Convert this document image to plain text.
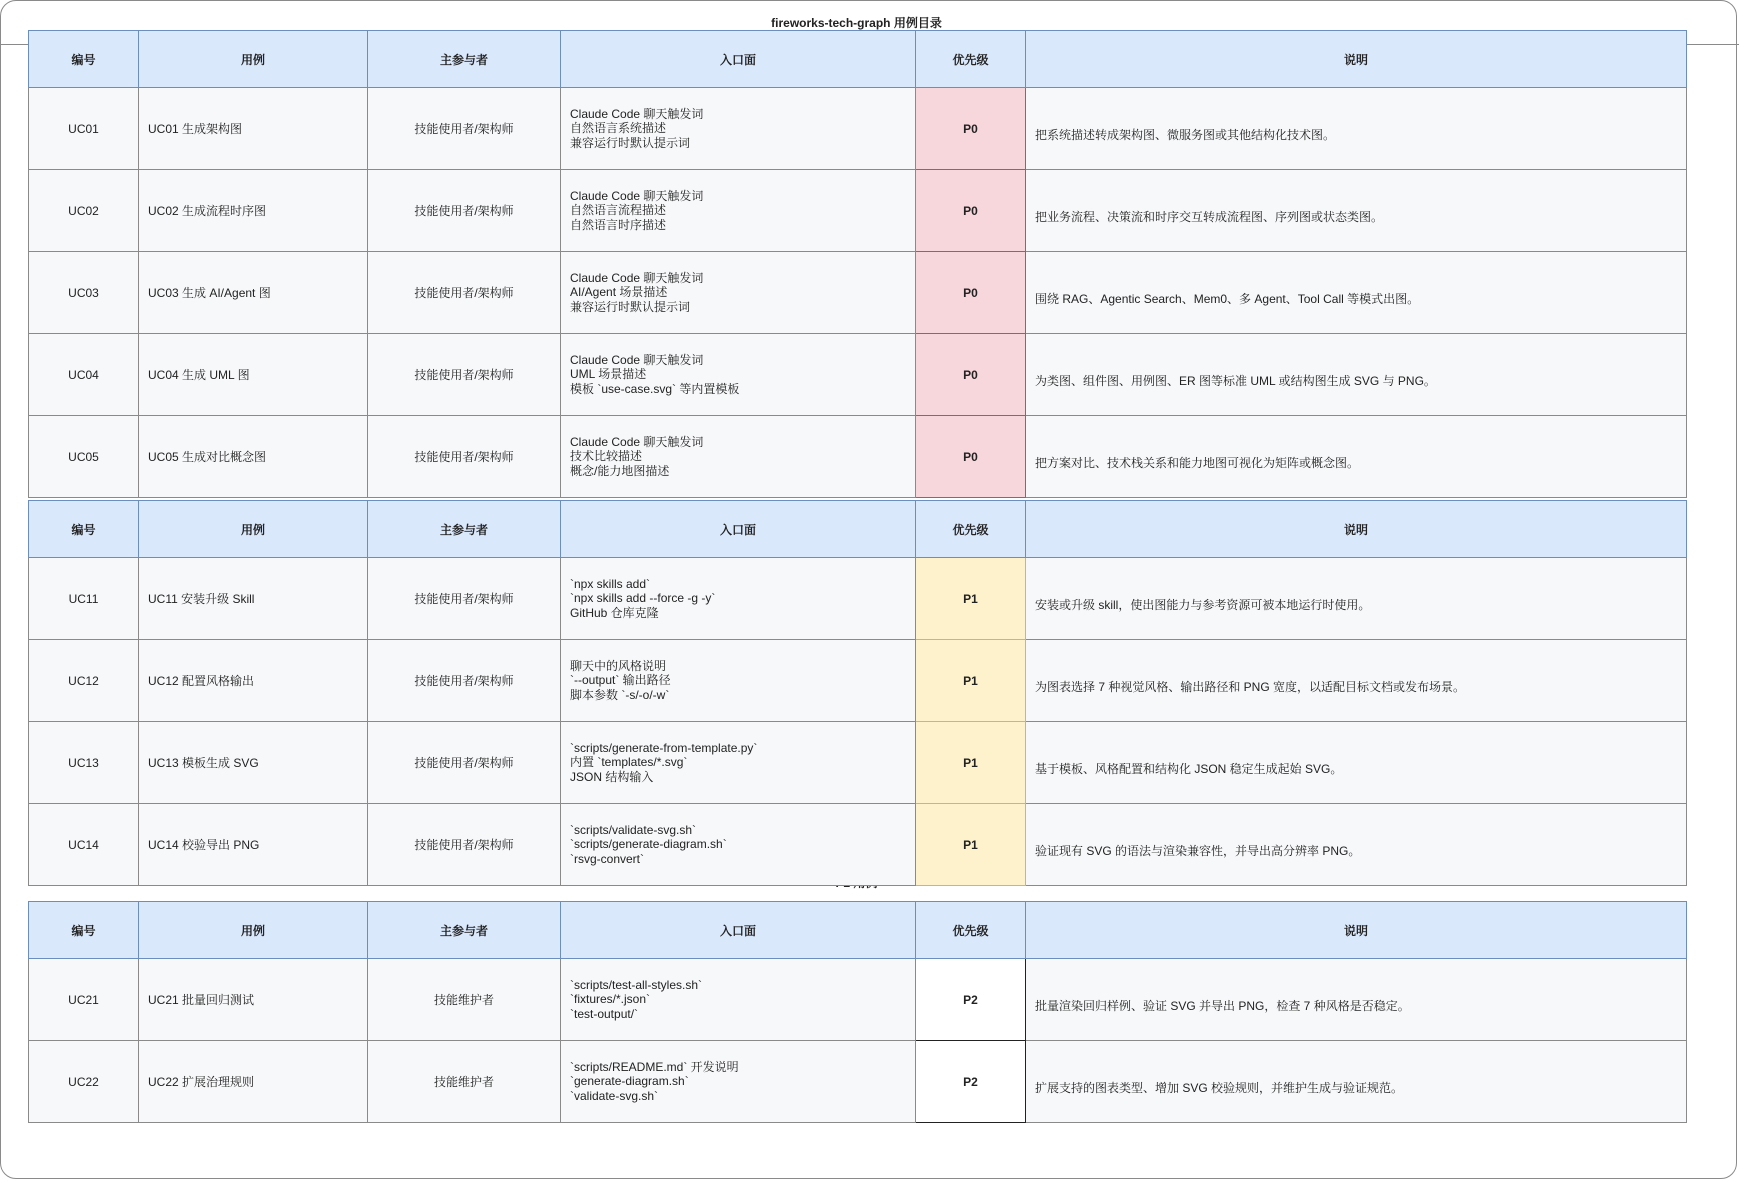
fireworks-tech-graph 用例目录
编号	用例	主参与者	入口面	优先级	说明
UC01	UC01 生成架构图	技能使用者/架构师	Claude Code 聊天触发词
自然语言系统描述
兼容运行时默认提示词	P0	把系统描述转成架构图、微服务图或其他结构化技术图。
UC02	UC02 生成流程时序图	技能使用者/架构师	Claude Code 聊天触发词
自然语言流程描述
自然语言时序描述	P0	把业务流程、决策流和时序交互转成流程图、序列图或状态类图。
UC03	UC03 生成 AI/Agent 图	技能使用者/架构师	Claude Code 聊天触发词
AI/Agent 场景描述
兼容运行时默认提示词	P0	围绕 RAG、Agentic Search、Mem0、多 Agent、Tool Call 等模式出图。
UC04	UC04 生成 UML 图	技能使用者/架构师	Claude Code 聊天触发词
UML 场景描述
模板 `use-case.svg` 等内置模板	P0	为类图、组件图、用例图、ER 图等标准 UML 或结构图生成 SVG 与 PNG。
UC05	UC05 生成对比概念图	技能使用者/架构师	Claude Code 聊天触发词
技术比较描述
概念/能力地图描述	P0	把方案对比、技术栈关系和能力地图可视化为矩阵或概念图。
编号	用例	主参与者	入口面	优先级	说明
UC11	UC11 安装升级 Skill	技能使用者/架构师	`npx skills add`
`npx skills add --force -g -y`
GitHub 仓库克隆	P1	安装或升级 skill，使出图能力与参考资源可被本地运行时使用。
UC12	UC12 配置风格输出	技能使用者/架构师	聊天中的风格说明
`--output` 输出路径
脚本参数 `-s/-o/-w`	P1	为图表选择 7 种视觉风格、输出路径和 PNG 宽度，以适配目标文档或发布场景。
UC13	UC13 模板生成 SVG	技能使用者/架构师	`scripts/generate-from-template.py`
内置 `templates/*.svg`
JSON 结构输入	P1	基于模板、风格配置和结构化 JSON 稳定生成起始 SVG。
UC14	UC14 校验导出 PNG	技能使用者/架构师	`scripts/validate-svg.sh`
`scripts/generate-diagram.sh`
`rsvg-convert`	P1	验证现有 SVG 的语法与渲染兼容性，并导出高分辨率 PNG。
编号	用例	主参与者	入口面	优先级	说明
UC21	UC21 批量回归测试	技能维护者	`scripts/test-all-styles.sh`
`fixtures/*.json`
`test-output/`	P2	批量渲染回归样例、验证 SVG 并导出 PNG，检查 7 种风格是否稳定。
UC22	UC22 扩展治理规则	技能维护者	`scripts/README.md` 开发说明
`generate-diagram.sh`
`validate-svg.sh`	P2	扩展支持的图表类型、增加 SVG 校验规则，并维护生成与验证规范。
